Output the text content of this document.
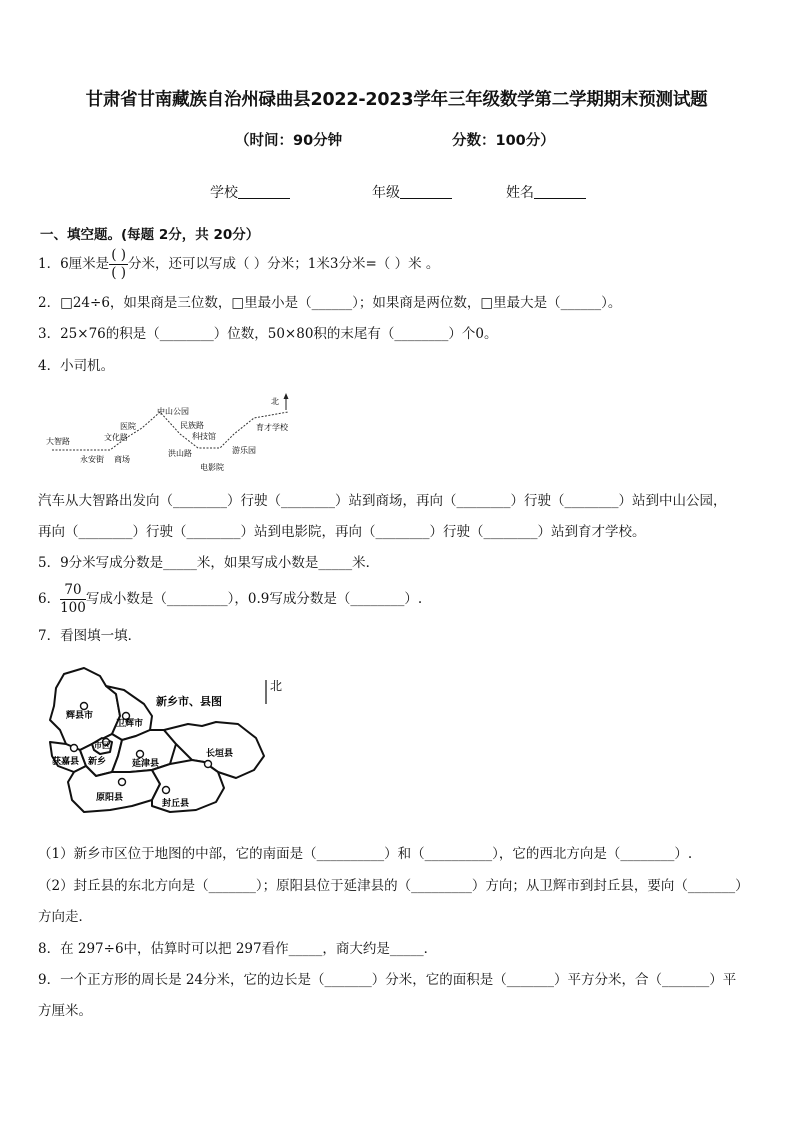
甘肃省甘南藏族自治州碌曲县2022-2023学年三年级数学第二学期期末预测试题
（时间：90分钟	分数：100分）
学校	年级	姓名
一、填空题。(每题 2分，共 20分）
1．6厘米是 $\frac{( )}{( )}$ 分米，还可以写成（ ）分米；1米3分米=（ ）米 。
2．□24÷6，如果商是三位数，□里最小是（______）；如果商是两位数，□里最大是（______）。
3．25×76的积是（________）位数，50×80积的末尾有（________）个0。
4．小司机。
北
大智路
永安街 商场
文化路
医院
中山公园
民族路
科技馆
洪山路
电影院
游乐园
育才学校
汽车从大智路出发向（________）行驶（________）站到商场，再向（________）行驶（________）站到中山公园，
再向（________）行驶（________）站到电影院，再向（________）行驶（________）站到育才学校。
5．9分米写成分数是_____米，如果写成小数是_____米．
6． $\frac{70}{100}$ 写成小数是（_________），0.9写成分数是（________）.
7．看图填一填．
北
新乡市、县图
辉县市
卫辉市
获嘉县 新乡
市区
延津县
长垣县
原阳县
封丘县
（1）新乡市区位于地图的中部，它的南面是（__________）和（__________），它的西北方向是（________）.
（2）封丘县的东北方向是（_______）；原阳县位于延津县的（_________）方向；从卫辉市到封丘县，要向（_______）
方向走．
8．在 297÷6中，估算时可以把 297看作_____，商大约是_____．
9．一个正方形的周长是 24分米，它的边长是（_______）分米，它的面积是（_______）平方分米，合（_______）平
方厘米。
